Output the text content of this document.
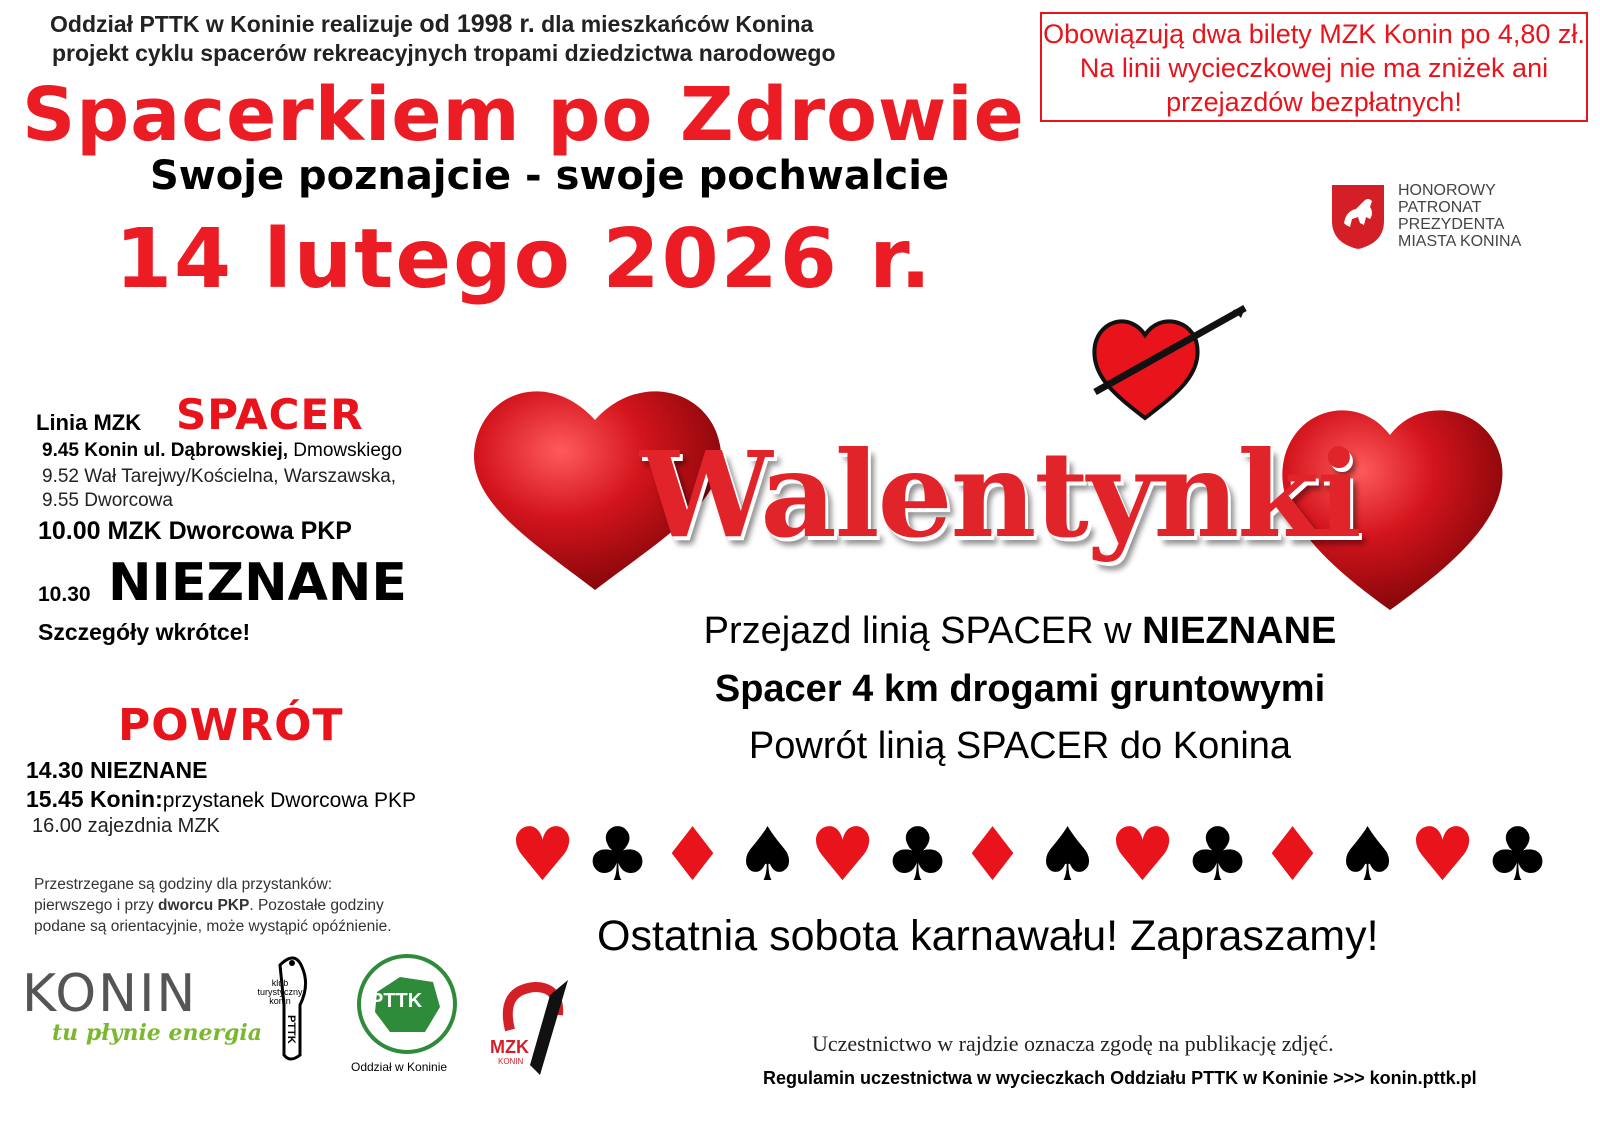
Oddział PTTK w Koninie realizuje od 1998 r. dla mieszkańców Konina
projekt cyklu spacerów rekreacyjnych tropami dziedzictwa narodowego
Spacerkiem po Zdrowie
Swoje poznajcie - swoje pochwalcie
14 lutego 2026 r.
Obowiązują dwa bilety MZK Konin po 4,80 zł. Na linii wycieczkowej nie ma zniżek ani przejazdów bezpłatnych!
HONOROWY
PATRONAT
PREZYDENTA
MIASTA KONINA
Linia MZK SPACER
9.45 Konin ul. Dąbrowskiej, Dmowskiego
9.52 Wał Tarejwy/Kościelna, Warszawska,
9.55 Dworcowa
10.00 MZK Dworcowa PKP
10.30 NIEZNANE
Szczegóły wkrótce!
POWRÓT
14.30 NIEZNANE
15.45 Konin:przystanek Dworcowa PKP
16.00 zajezdnia MZK
Przestrzegane są godziny dla przystanków:
pierwszego i przy dworcu PKP. Pozostałe godziny
podane są orientacyjnie, może wystąpić opóźnienie.
Walentynki
Przejazd linią SPACER w NIEZNANE
Spacer 4 km drogami gruntowymi
Powrót linią SPACER do Konina
♥ ♣ ♦ ♠ ♥ ♣ ♦ ♠ ♥ ♣ ♦ ♠ ♥ ♣
Ostatnia sobota karnawału! Zapraszamy!
Uczestnictwo w rajdzie oznacza zgodę na publikację zdjęć.
Regulamin uczestnictwa w wycieczkach Oddziału PTTK w Koninie >>> konin.pttk.pl
KONIN
tu płynie energia
klub
turystyczny
konin
PTTK
PTTK
Oddział w Koninie
MZK
KONIN
